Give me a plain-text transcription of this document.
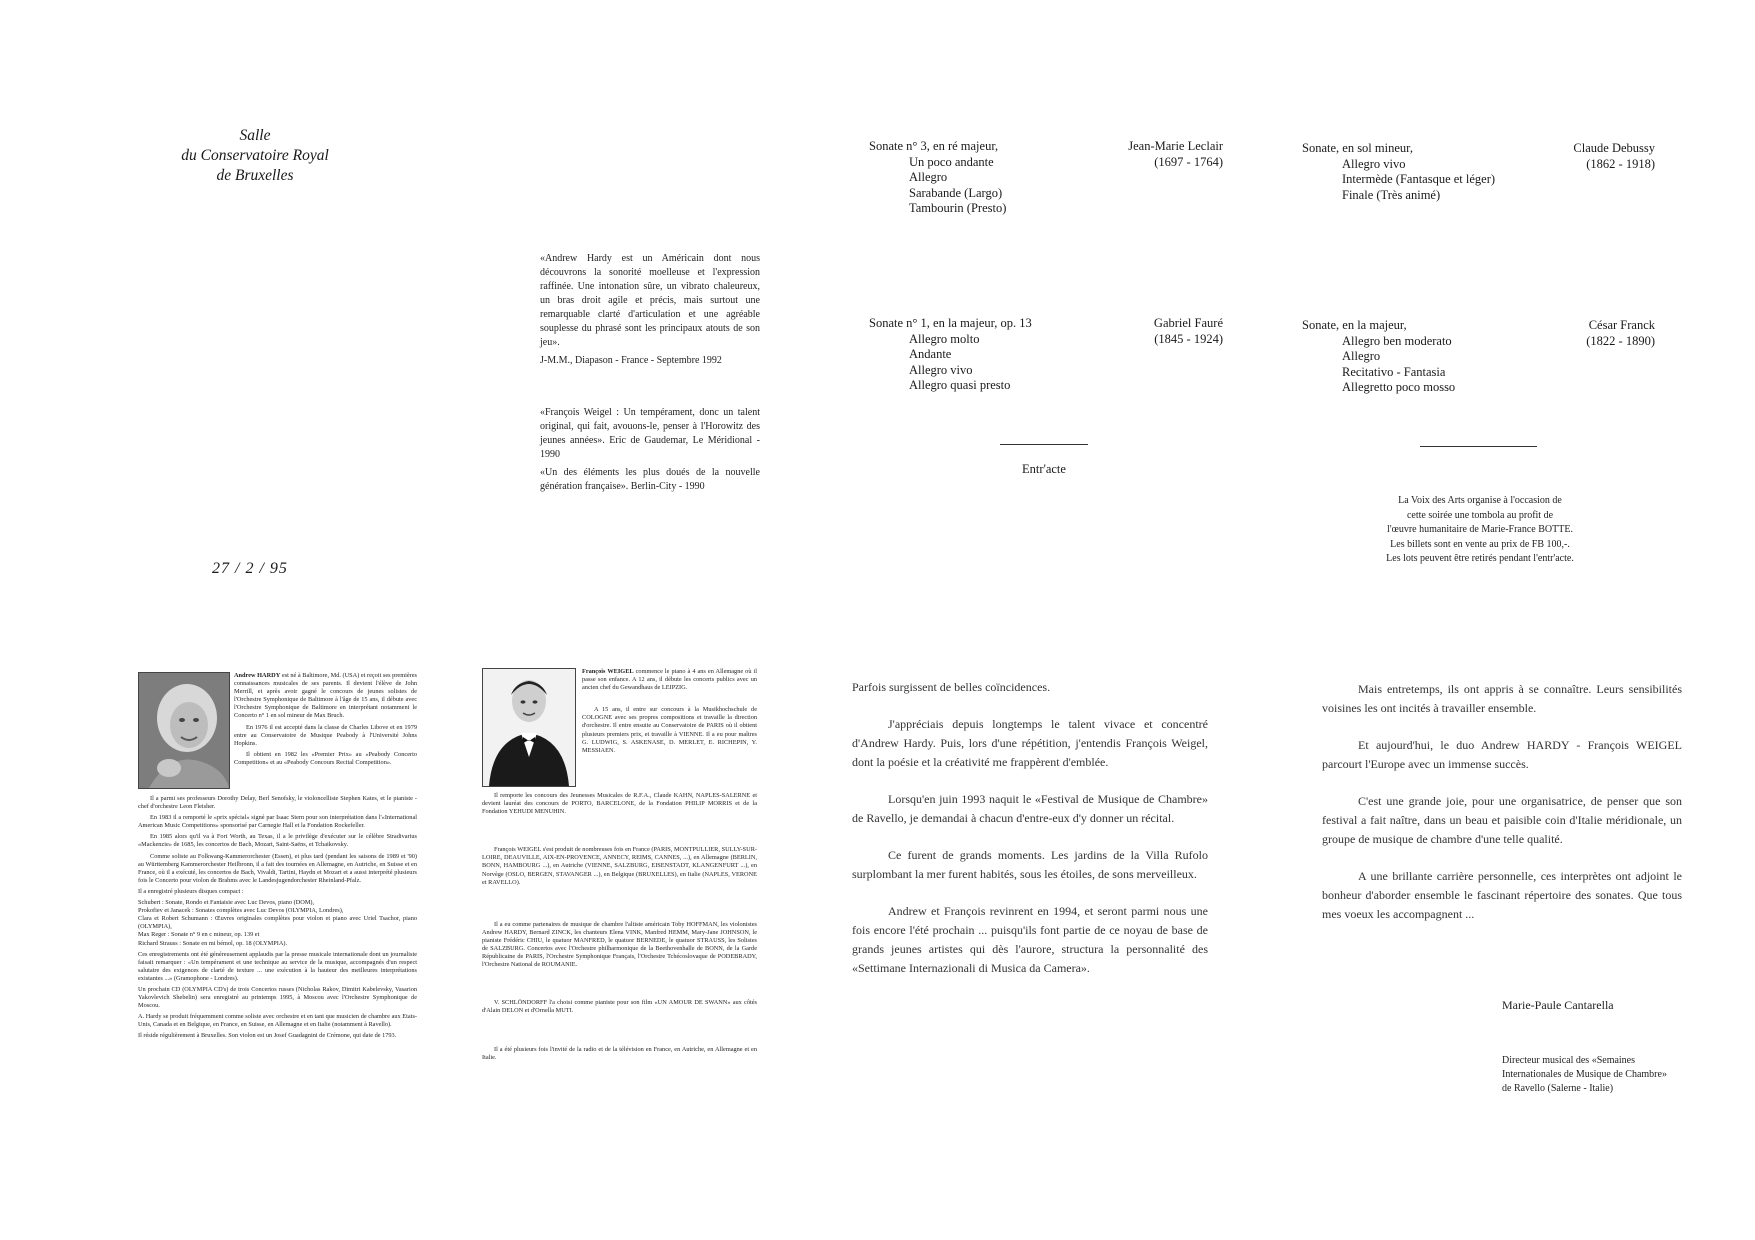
Salle
du Conservatoire Royal
de Bruxelles
27 / 2 / 95

«Andrew Hardy est un Américain dont nous découvrons la sonorité moelleuse et l'expression raffinée. Une intonation sûre, un vibrato chaleureux, un bras droit agile et précis, mais surtout une remarquable clarté d'articulation et une agréable souplesse du phrasé sont les principaux atouts de son jeu».

J-M.M., Diapason - France - Septembre 1992

«François Weigel : Un tempérament, donc un talent original, qui fait, avouons-le, penser à l'Horowitz des jeunes années». Eric de Gaudemar, Le Méridional - 1990

«Un des éléments les plus doués de la nouvelle génération française». Berlin-City - 1990

Sonate n° 3, en ré majeur,
Un poco andante
Allegro
Sarabande (Largo)
Tambourin (Presto)
Jean-Marie Leclair
(1697 - 1764)
Sonate n° 1, en la majeur, op. 13
Allegro molto
Andante
Allegro vivo
Allegro quasi presto
Gabriel Fauré
(1845 - 1924)
Entr'acte
Sonate, en sol mineur,
Allegro vivo
Intermède (Fantasque et léger)
Finale (Très animé)
Claude Debussy
(1862 - 1918)
Sonate, en la majeur,
Allegro ben moderato
Allegro
Recitativo - Fantasia
Allegretto poco mosso
César Franck
(1822 - 1890)
La Voix des Arts organise à l'occasion de
cette soirée une tombola au profit de
l'œuvre humanitaire de Marie-France BOTTE.
Les billets sont en vente au prix de FB 100,-.
Les lots peuvent être retirés pendant l'entr'acte.

Andrew HARDY est né à Baltimore, Md. (USA) et reçoit ses premières connaissances musicales de ses parents. Il devient l'élève de John Merrill, et après avoir gagné le concours de jeunes solistes de l'Orchestre Symphonique de Baltimore à l'âge de 15 ans, il débute avec l'Orchestre Symphonique de Baltimore en interprétant notamment le Concerto n° 1 en sol mineur de Max Bruch.

En 1976 il est accepté dans la classe de Charles Libove et en 1979 entre au Conservatoire de Musique Peabody à l'Université Johns Hopkins.

Il obtient en 1982 les «Premier Prix» au «Peabody Concerto Competition» et au «Peabody Concours Recital Competition».

Il a parmi ses professeurs Dorothy Delay, Berl Senofsky, le violoncelliste Stephen Kates, et le pianiste - chef d'orchestre Leon Fleisher.

En 1983 il a remporté le «prix spécial» signé par Isaac Stern pour son interprétation dans l'«International American Music Competitions» sponsorisé par Carnegie Hall et la Fondation Rockefeller.

En 1985 alors qu'il va à Fort Worth, au Texas, il a le privilège d'exécuter sur le célèbre Stradivarius «Mackenzie» de 1685, les concertos de Bach, Mozart, Saint-Saëns, et Tchaikovsky.

Comme soliste au Folkwang-Kammerorchester (Essen), et plus tard (pendant les saisons de 1989 et '90) au Württemberg Kammerorchester Heilbronn, il a fait des tournées en Allemagne, en Autriche, en Suisse et en France, où il a exécuté, les concertos de Bach, Vivaldi, Tartini, Haydn et Mozart et a aussi interprété plusieurs fois le Concerto pour violon de Brahms avec le Landesjugendorchester Rheinland-Pfalz.

Il a enregistré plusieurs disques compact :

Schubert : Sonate, Rondo et Fantaisie avec Luc Devos, piano (DOM),
Prokofiev et Janacek : Sonates complètes avec Luc Devos (OLYMPIA, Londres),
Clara et Robert Schumann : Œuvres originales complètes pour violon et piano avec Uriel Tsachor, piano (OLYMPIA),
Max Reger : Sonate n° 9 en c mineur, op. 139 et

Richard Strauss : Sonate en mi bémol, op. 18 (OLYMPIA).

Ces enregistrements ont été généreusement applaudis par la presse musicale internationale dont un journaliste faisait remarquer : «Un tempérament et une technique au service de la musique, accompagnés d'un respect salutaire des exigences de clarté de texture ... une exécution à la hauteur des meilleures interprétations existantes ...» (Gramophone - Londres).

Un prochain CD (OLYMPIA CD's) de trois Concertos russes (Nicholas Rakov, Dimitri Kabelevsky, Vasarion Yakovlevich Shebelin) sera enregistré au printemps 1995, à Moscou avec l'Orchestre Symphonique de Moscou.

A. Hardy se produit fréquemment comme soliste avec orchestre et en tant que musicien de chambre aux Etats-Unis, Canada et en Belgique, en France, en Suisse, en Allemagne et en Italie (notamment à Ravello).

Il réside régulièrement à Bruxelles. Son violon est un Josef Guadagnini de Crémone, qui date de 1793.

François WEIGEL commence le piano à 4 ans en Allemagne où il passe son enfance. A 12 ans, il débute les concerts publics avec un ancien chef du Gewandhaus de LEIPZIG.

A 15 ans, il entre sur concours à la Musikhochschule de COLOGNE avec ses propres compositions et travaille la direction d'orchestre. Il entre ensuite au Conservatoire de PARIS où il obtient plusieurs premiers prix, et travaille à VIENNE. Il a eu pour maîtres G. LUDWIG, S. ASKENASE, D. MERLET, E. RICHEPIN, Y. MESSIAEN.

Il remporte les concours des Jeunesses Musicales de R.F.A., Claude KAHN, NAPLES-SALERNE et devient lauréat des concours de PORTO, BARCELONE, de la Fondation PHILIP MORRIS et de la Fondation YEHUDI MENUHIN.

François WEIGEL s'est produit de nombreuses fois en France (PARIS, MONTPULLIER, SULLY-SUR-LOIRE, DEAUVILLE, AIX-EN-PROVENCE, ANNECY, REIMS, CANNES, ...), en Allemagne (BERLIN, BONN, HAMBOURG ...), en Autriche (VIENNE, SALZBURG, EISENSTADT, KLANGENFURT ...), en Norvège (OSLO, BERGEN, STAVANGER ...), en Belgique (BRUXELLES), en Italie (NAPLES, VERONE et RAVELLO).

Il a eu comme partenaires de musique de chambre l'altiste américain Toby HOFFMAN, les violonistes Andrew HARDY, Bernard ZINCK, les chanteurs Elena VINK, Manfred HEMM, Mary-Jane JOHNSON, le pianiste Frédéric CHIU, le quatuor MANFRED, le quatuor BERNEDE, le quatuor STRAUSS, les Solistes de SALZBURG. Concertos avec l'Orchestre philharmonique de la Beethovenhalle de BONN, de la Garde Républicaine de PARIS, l'Orchestre Symphonique Français, l'Orchestre Tchécoslovaque de PODEBRADY, l'Orchestre National de ROUMANIE.

V. SCHLÖNDORFF l'a choisi comme pianiste pour son film «UN AMOUR DE SWANN» aux côtés d'Alain DELON et d'Ornella MUTI.

Il a été plusieurs fois l'invité de la radio et de la télévision en France, en Autriche, en Allemagne et en Italie.

Parfois surgissent de belles coïncidences.

J'appréciais depuis longtemps le talent vivace et concentré d'Andrew Hardy. Puis, lors d'une répétition, j'entendis François Weigel, dont la poésie et la créativité me frappèrent d'emblée.

Lorsqu'en juin 1993 naquit le «Festival de Musique de Chambre» de Ravello, je demandai à chacun d'entre-eux d'y donner un récital.

Ce furent de grands moments. Les jardins de la Villa Rufolo surplombant la mer furent habités, sous les étoiles, de sons merveilleux.

Andrew et François revinrent en 1994, et seront parmi nous une fois encore l'été prochain ... puisqu'ils font partie de ce noyau de base de grands jeunes artistes qui dès l'aurore, structura la personnalité des «Settimane Internazionali di Musica da Camera».

Mais entretemps, ils ont appris à se connaître. Leurs sensibilités voisines les ont incités à travailler ensemble.

Et aujourd'hui, le duo Andrew HARDY - François WEIGEL parcourt l'Europe avec un immense succès.

C'est une grande joie, pour une organisatrice, de penser que son festival a fait naître, dans un beau et paisible coin d'Italie méridionale, un groupe de musique de chambre d'une telle qualité.

A une brillante carrière personnelle, ces interprètes ont adjoint le bonheur d'aborder ensemble le fascinant répertoire des sonates. Que tous mes voeux les accompagnent ...

Marie-Paule Cantarella
Directeur musical des «Semaines
Internationales de Musique de Chambre»
de Ravello (Salerne - Italie)
